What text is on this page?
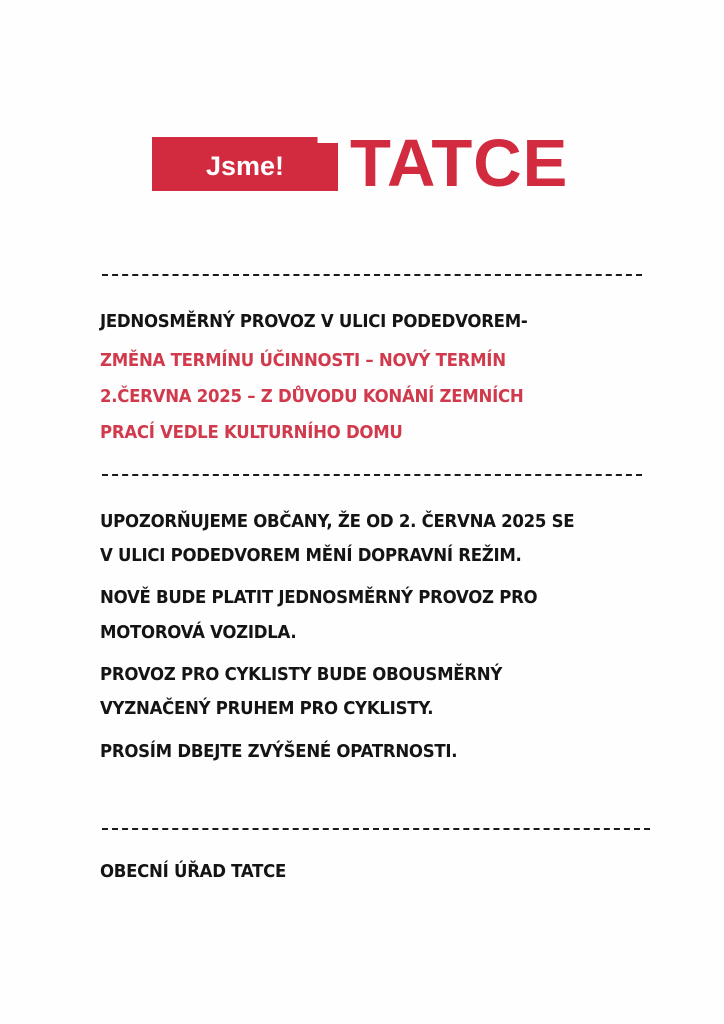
Jsme! TATCE
JEDNOSMĚRNÝ PROVOZ V ULICI PODEDVOREM-
ZMĚNA TERMÍNU ÚČINNOSTI – NOVÝ TERMÍN
2.ČERVNA 2025 – Z DŮVODU KONÁNÍ ZEMNÍCH
PRACÍ VEDLE KULTURNÍHO DOMU
UPOZORŇUJEME OBČANY, ŽE OD 2. ČERVNA 2025 SE
V ULICI PODEDVOREM MĚNÍ DOPRAVNÍ REŽIM.
NOVĚ BUDE PLATIT JEDNOSMĚRNÝ PROVOZ PRO
MOTOROVÁ VOZIDLA.
PROVOZ PRO CYKLISTY BUDE OBOUSMĚRNÝ
VYZNAČENÝ PRUHEM PRO CYKLISTY.
PROSÍM DBEJTE ZVÝŠENÉ OPATRNOSTI.
OBECNÍ ÚŘAD TATCE
